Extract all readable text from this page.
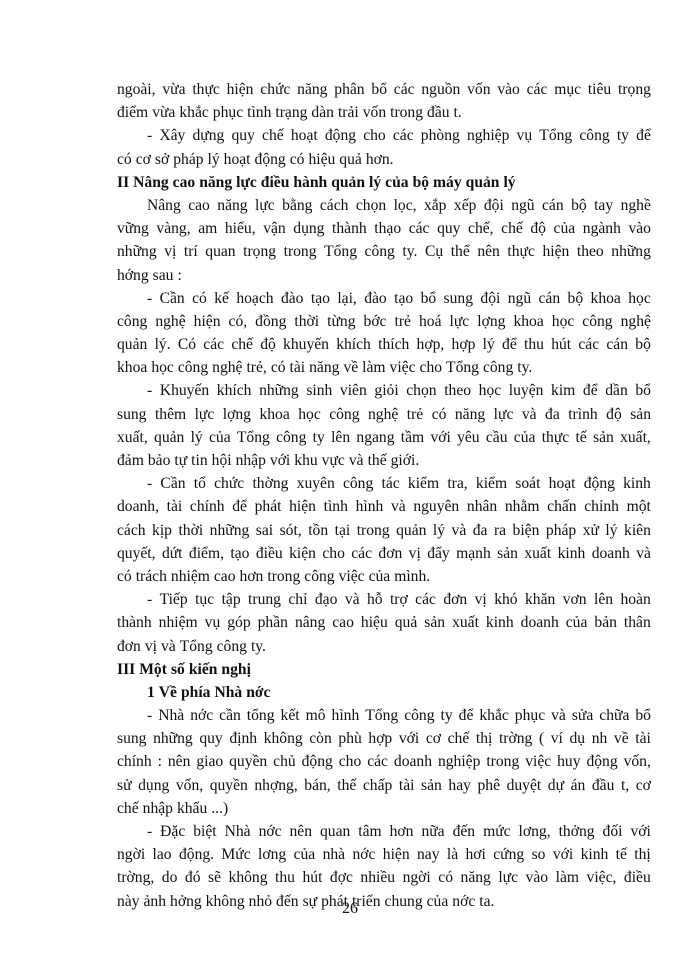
ngoài, vừa thực hiện chức năng phân bổ các nguồn vốn vào các mục tiêu trọng
điểm vừa khắc phục tình trạng dàn trải vốn trong đầu t.
- Xây dựng quy chế hoạt động cho các phòng nghiệp vụ Tổng công ty để
có cơ sở pháp lý hoạt động có hiệu quả hơn.
II Nâng cao năng lực điều hành quản lý của bộ máy quản lý
Nâng cao năng lực bằng cách chọn lọc, xắp xếp đội ngũ cán bộ tay nghề
vững vàng, am hiểu, vận dụng thành thạo các quy chế, chế độ của ngành vào
những vị trí quan trọng trong Tổng công ty. Cụ thể nên thực hiện theo những
hớng sau :
- Cần có kế hoạch đào tạo lại, đào tạo bổ sung đội ngũ cán bộ khoa học
công nghệ hiện có, đồng thời từng bớc trẻ hoá lực lợng khoa học công nghệ
quản lý. Có các chế độ khuyến khích thích hợp, hợp lý để thu hút các cán bộ
khoa học công nghệ trẻ, có tài năng về làm việc cho Tổng công ty.
- Khuyến khích những sinh viên giỏi chọn theo học luyện kim để dần bổ
sung thêm lực lợng khoa học công nghệ trẻ có năng lực và đa trình độ sản
xuất, quản lý của Tổng công ty lên ngang tầm với yêu cầu của thực tế sản xuất,
đảm bảo tự tin hội nhập với khu vực và thế giới.
- Cần tổ chức thờng xuyên công tác kiểm tra, kiểm soát hoạt động kinh
doanh, tài chính để phát hiện tình hình và nguyên nhân nhằm chấn chỉnh một
cách kịp thời những sai sót, tồn tại trong quản lý và đa ra biện pháp xử lý kiên
quyết, dứt điểm, tạo điều kiện cho các đơn vị đẩy mạnh sản xuất kinh doanh và
có trách nhiệm cao hơn trong công việc của mình.
- Tiếp tục tập trung chỉ đạo và hỗ trợ các đơn vị khó khăn vơn lên hoàn
thành nhiệm vụ góp phần nâng cao hiệu quả sản xuất kinh doanh của bản thân
đơn vị và Tổng công ty.
III Một số kiến nghị
1 Về phía Nhà nớc
- Nhà nớc cần tổng kết mô hình Tổng công ty để khắc phục và sửa chữa bổ
sung những quy định không còn phù hợp với cơ chế thị trờng ( ví dụ nh về tài
chính : nên giao quyền chủ động cho các doanh nghiệp trong việc huy động vốn,
sử dụng vốn, quyền nhợng, bán, thế chấp tài sản hay phê duyệt dự án đầu t, cơ
chế nhập khẩu ...)
- Đặc biệt Nhà nớc nên quan tâm hơn nữa đến mức lơng, thởng đối với
ngời lao động. Mức lơng của nhà nớc hiện nay là hơi cứng so với kinh tế thị
trờng, do đó sẽ không thu hút đợc nhiều ngời có năng lực vào làm việc, điều
này ảnh hởng không nhỏ đến sự phát triển chung của nớc ta.
26
